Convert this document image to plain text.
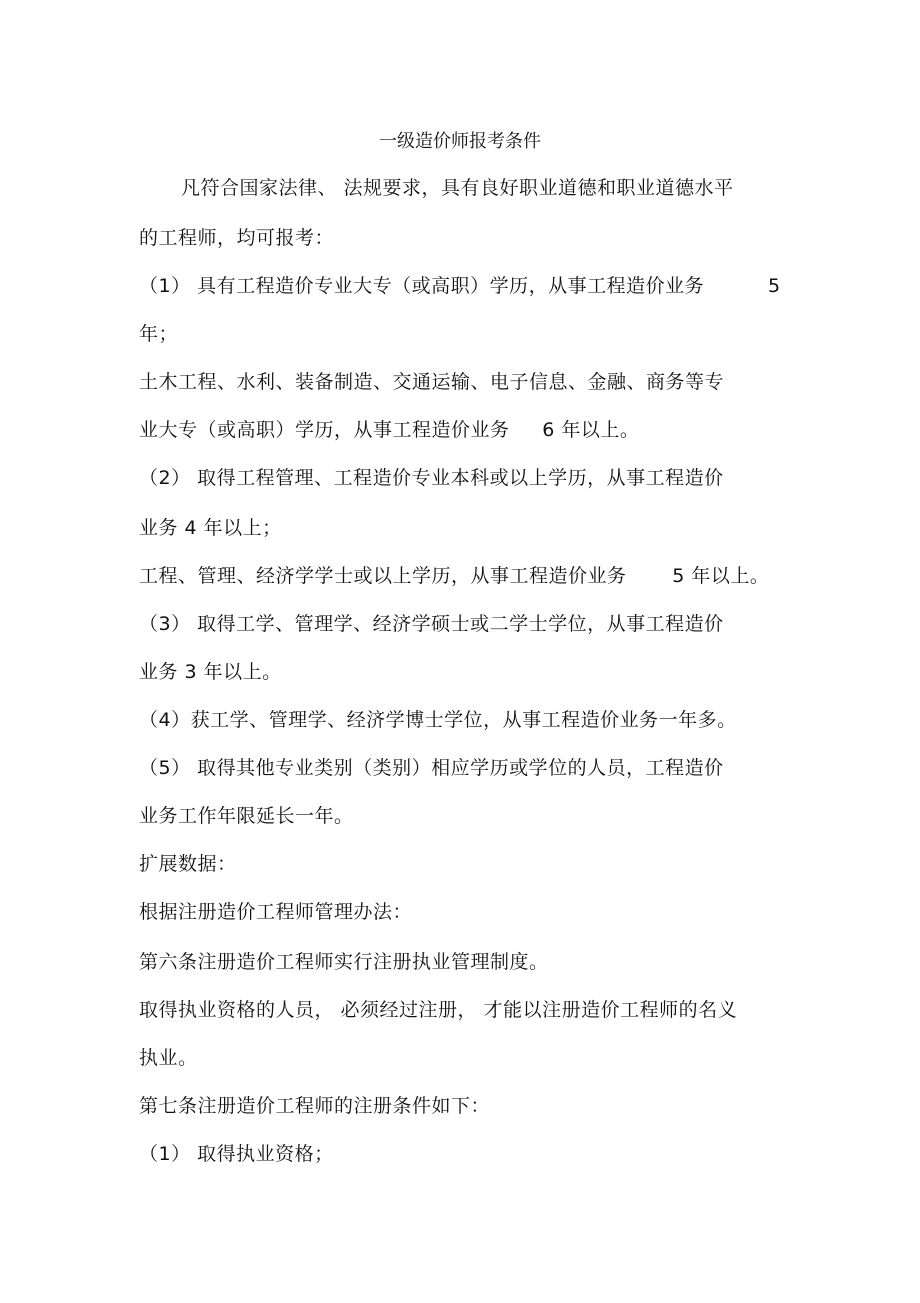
一级造价师报考条件
凡符合国家法律、 法规要求，具有良好职业道德和职业道德水平
的工程师，均可报考：
（1） 具有工程造价专业大专（或高职）学历，从事工程造价业务	5
年；
土木工程、水利、装备制造、交通运输、电子信息、金融、商务等专
业大专（或高职）学历，从事工程造价业务     6 年以上。
（2） 取得工程管理、工程造价专业本科或以上学历，从事工程造价
业务 4 年以上；
工程、管理、经济学学士或以上学历，从事工程造价业务       5 年以上。
（3） 取得工学、管理学、经济学硕士或二学士学位，从事工程造价
业务 3 年以上。
（4）获工学、管理学、经济学博士学位，从事工程造价业务一年多。
（5） 取得其他专业类别（类别）相应学历或学位的人员，工程造价
业务工作年限延长一年。
扩展数据：
根据注册造价工程师管理办法：
第六条注册造价工程师实行注册执业管理制度。
取得执业资格的人员， 必须经过注册， 才能以注册造价工程师的名义
执业。
第七条注册造价工程师的注册条件如下：
（1） 取得执业资格；
